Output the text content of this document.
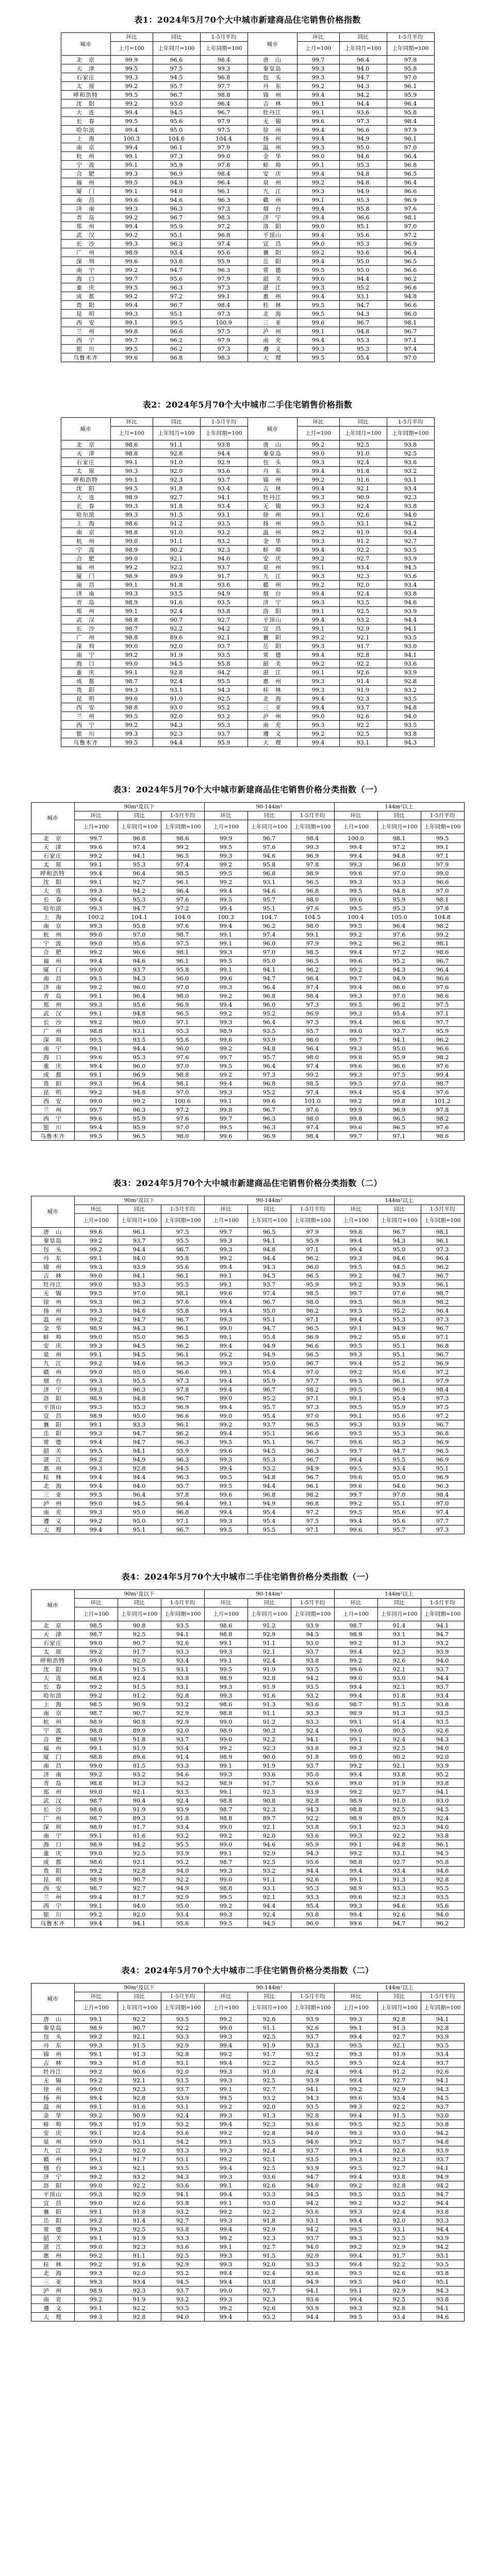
表1：2024年5月70个大中城市新建商品住宅销售价格指数
城市	环比	同比	1-5月平均	城市	环比	同比	1-5月平均
	上月=100	上年同月=100	上年同期=100		上月=100	上年同月=100	上年同期=100
北　京	99.9	96.6	98.4	唐　山	99.7	96.4	97.8
天　津	99.5	97.5	99.3	秦皇岛	99.3	94.0	95.8
石家庄	99.3	94.5	96.8	包　头	99.3	94.7	97.0
太　原	99.2	95.7	97.7	丹　东	99.2	94.3	96.1
呼和浩特	99.5	96.7	98.8	锦　州	99.4	94.2	95.9
沈　阳	99.2	93.0	96.4	吉　林	99.1	94.4	96.4
大　连	99.4	94.5	96.7	牡丹江	99.1	93.6	95.8
长　春	99.5	95.6	97.9	无　锡	99.6	97.3	98.4
哈尔滨	99.4	95.0	97.5	徐　州	99.4	96.6	97.9
上　海	100.3	104.6	104.4	扬　州	99.4	94.9	96.1
南　京	99.4	96.1	97.9	温　州	99.3	95.0	97.0
杭　州	99.1	97.3	99.0	金　华	99.0	94.6	96.4
宁　波	99.1	95.9	97.8	蚌　埠	99.1	95.3	96.8
合　肥	99.3	96.9	98.4	安　庆	99.4	94.8	96.5
福　州	99.5	94.9	96.4	泉　州	99.2	94.8	96.4
厦　门	99.1	94.0	96.1	九　江	99.3	94.9	96.6
南　昌	99.6	94.6	96.3	赣　州	99.1	95.3	96.9
济　南	99.3	96.3	97.3	烟　台	99.4	95.8	97.6
青　岛	99.2	96.7	98.3	济　宁	99.4	96.6	98.1
郑　州	99.4	95.9	97.2	洛　阳	99.0	95.1	97.0
武　汉	99.2	95.1	96.8	平顶山	99.4	95.6	97.2
长　沙	99.3	96.3	97.4	宜　昌	99.0	95.3	96.9
广　州	98.9	93.4	95.6	襄　阳	99.2	93.6	96.4
深　圳	99.6	93.8	95.9	岳　阳	99.4	95.0	96.5
南　宁	99.2	94.7	96.3	常　德	99.5	95.0	96.6
海　口	99.7	95.6	97.9	韶　关	99.6	94.4	96.2
重　庆	99.5	96.3	97.3	湛　江	99.3	95.2	96.6
成　都	99.2	97.2	99.1	惠　州	99.4	93.1	94.8
贵　阳	99.4	96.7	98.4	桂　林	99.5	94.7	96.6
昆　明	99.3	95.1	97.3	北　海	99.5	94.3	96.0
西　安	99.1	99.5	100.9	三　亚	99.6	96.7	98.1
兰　州	99.8	96.6	97.5	泸　州	99.1	94.8	96.7
西　宁	99.7	96.2	97.9	南　充	99.4	95.3	97.1
银　川	99.5	96.2	97.3	遵　义	99.3	95.3	97.4
乌鲁木齐	99.6	96.8	98.3	大　理	99.5	95.4	97.0
表2：2024年5月70个大中城市二手住宅销售价格指数
城市	环比	同比	1-5月平均	城市	环比	同比	1-5月平均
	上月=100	上年同月=100	上年同期=100		上月=100	上年同月=100	上年同期=100
北　京	98.6	91.1	93.8	唐　山	99.2	92.5	93.8
天　津	98.8	92.8	94.4	秦皇岛	99.0	91.0	92.5
石家庄	99.1	91.0	92.9	包　头	99.3	92.4	93.6
太　原	99.3	92.0	93.6	丹　东	99.4	91.8	93.2
呼和浩特	99.1	92.3	93.7	锦　州	99.2	91.6	93.1
沈　阳	99.5	91.8	93.4	吉　林	99.4	92.1	93.4
大　连	98.9	92.7	94.1	牡丹江	99.3	90.9	92.3
长　春	99.3	91.8	93.4	无　锡	99.3	92.4	93.8
哈尔滨	99.3	91.5	93.1	徐　州	99.1	92.6	94.0
上　海	98.6	91.2	93.5	扬　州	99.5	93.1	94.2
南　京	98.8	91.0	93.2	温　州	99.2	91.9	93.4
杭　州	99.0	91.1	93.2	金　华	99.3	91.2	92.7
宁　波	98.9	90.2	92.3	蚌　埠	99.4	92.2	93.5
合　肥	99.0	92.1	94.0	安　庆	99.2	92.7	93.9
福　州	99.2	92.2	93.7	泉　州	99.1	93.4	94.5
厦　门	98.9	89.9	91.7	九　江	99.3	92.3	93.6
南　昌	99.1	91.8	93.6	赣　州	99.2	92.0	93.4
济　南	99.3	93.5	94.9	烟　台	99.4	92.4	93.8
青　岛	98.9	91.6	93.5	济　宁	99.3	93.5	94.6
郑　州	99.1	92.4	93.8	洛　阳	99.1	92.5	93.9
武　汉	98.8	90.7	92.7	平顶山	99.4	93.2	94.4
长　沙	98.7	92.2	94.2	宜　昌	99.1	92.9	94.1
广　州	98.8	89.6	92.1	襄　阳	99.2	92.1	93.5
深　圳	99.0	92.0	93.7	岳　阳	99.3	91.7	93.0
南　宁	99.2	91.9	93.5	常　德	99.4	92.8	94.1
海　口	99.0	94.5	95.8	韶　关	99.2	92.2	93.6
重　庆	99.1	92.8	94.2	湛　江	99.1	92.6	93.9
成　都	98.7	92.4	95.5	惠　州	99.3	91.4	92.8
贵　阳	99.3	93.1	94.3	桂　林	99.3	91.9	93.2
昆　明	99.0	91.0	92.5	北　海	99.4	92.3	93.5
西　安	98.8	93.0	95.2	三　亚	99.4	93.7	94.8
兰　州	99.5	92.0	93.2	泸　州	99.0	92.6	94.0
西　宁	99.2	94.3	95.3	南　充	99.3	92.2	93.5
银　川	99.3	92.3	93.7	遵　义	99.2	92.5	93.8
乌鲁木齐	99.5	94.4	95.9	大　理	99.4	93.1	94.3
表3：2024年5月70个大中城市新建商品住宅销售价格分类指数（一）
城市	90m²及以下			90-144m²			144m²以上		
	环比	同比	1-5月平均	环比	同比	1-5月平均	环比	同比	1-5月平均
	上月=100	上年同月=100	上年同期=100	上月=100	上年同月=100	上年同期=100	上月=100	上年同月=100	上年同期=100
北　京	99.7	96.8	98.6	99.9	96.7	98.4	100.0	98.1	99.5
天　津	99.6	97.4	99.2	99.5	97.6	99.3	99.4	97.2	99.1
石家庄	99.2	94.1	96.5	99.3	94.6	96.9	99.4	94.8	97.1
太　原	99.1	95.3	97.4	99.2	95.8	97.8	99.3	96.0	97.9
呼和浩特	99.4	96.4	98.5	99.5	96.8	98.9	99.6	97.0	99.0
沈　阳	99.1	92.7	96.1	99.2	93.1	96.5	99.3	93.3	96.6
大　连	99.3	94.2	96.4	99.4	94.6	96.8	99.5	94.8	97.0
长　春	99.4	95.3	97.6	99.5	95.7	98.0	99.6	95.9	98.1
哈尔滨	99.3	94.7	97.2	99.4	95.1	97.6	99.5	95.3	97.8
上　海	100.2	104.1	104.0	100.3	104.7	104.5	100.4	105.0	104.8
南　京	99.3	95.8	97.6	99.4	96.2	98.0	99.5	96.4	98.2
杭　州	99.0	97.0	98.7	99.1	97.4	99.1	99.2	97.6	99.2
宁　波	99.0	95.6	97.5	99.1	96.0	97.9	99.2	96.2	98.1
合　肥	99.2	96.6	98.1	99.3	97.0	98.5	99.4	97.2	98.6
福　州	99.4	94.6	96.1	99.5	95.0	96.5	99.6	95.2	96.7
厦　门	99.0	93.7	95.8	99.1	94.1	96.2	99.2	94.3	96.4
南　昌	99.5	94.3	96.0	99.6	94.7	96.4	99.7	94.9	96.6
济　南	99.2	96.0	97.0	99.3	96.4	97.4	99.4	96.6	97.6
青　岛	99.1	96.4	98.0	99.2	96.8	98.4	99.3	97.0	98.6
郑　州	99.3	95.6	96.9	99.4	96.0	97.3	99.5	96.2	97.5
武　汉	99.1	94.8	96.5	99.2	95.2	96.9	99.3	95.4	97.1
长　沙	99.2	96.0	97.1	99.3	96.4	97.5	99.4	96.6	97.7
广　州	98.8	93.1	95.3	98.9	93.5	95.7	99.0	93.7	95.9
深　圳	99.5	93.5	95.6	99.6	93.9	96.0	99.7	94.1	96.2
南　宁	99.1	94.4	96.0	99.2	94.8	96.4	99.3	95.0	96.6
海　口	99.6	95.3	97.6	99.7	95.7	98.0	99.8	95.9	98.2
重　庆	99.4	96.0	97.0	99.5	96.4	97.4	99.6	96.6	97.6
成　都	99.1	96.9	98.8	99.2	97.3	99.2	99.3	97.5	99.4
贵　阳	99.3	96.4	98.1	99.4	96.8	98.5	99.5	97.0	98.7
昆　明	99.2	94.8	97.0	99.3	95.2	97.4	99.4	95.4	97.6
西　安	99.0	99.2	100.6	99.1	99.6	101.0	99.2	99.8	101.2
兰　州	99.7	96.3	97.2	99.8	96.7	97.6	99.9	96.9	97.8
西　宁	99.6	95.9	97.6	99.7	96.3	98.0	99.8	96.5	98.2
银　川	99.4	95.9	97.0	99.5	96.3	97.4	99.6	96.5	97.6
乌鲁木齐	99.5	96.5	98.0	99.6	96.9	98.4	99.7	97.1	98.6
表3：2024年5月70个大中城市新建商品住宅销售价格分类指数（二）
城市	90m²及以下			90-144m²			144m²以上		
	环比	同比	1-5月平均	环比	同比	1-5月平均	环比	同比	1-5月平均
	上月=100	上年同月=100	上年同期=100	上月=100	上年同月=100	上年同期=100	上月=100	上年同月=100	上年同期=100
唐　山	99.6	96.1	97.5	99.7	96.5	97.9	99.8	96.7	98.1
秦皇岛	99.2	93.7	95.5	99.3	94.1	95.9	99.4	94.3	96.1
包　头	99.2	94.4	96.7	99.3	94.8	97.1	99.4	95.0	97.3
丹　东	99.1	94.0	95.8	99.2	94.4	96.2	99.3	94.6	96.4
锦　州	99.3	93.9	95.6	99.4	94.3	96.0	99.5	94.5	96.2
吉　林	99.0	94.1	96.1	99.1	94.5	96.5	99.2	94.7	96.7
牡丹江	99.0	93.3	95.5	99.1	93.7	95.9	99.2	93.9	96.1
无　锡	99.5	97.0	98.1	99.6	97.4	98.5	99.7	97.6	98.7
徐　州	99.3	96.3	97.6	99.4	96.7	98.0	99.5	96.9	98.2
扬　州	99.3	94.6	95.8	99.4	95.0	96.2	99.5	95.2	96.4
温　州	99.2	94.7	96.7	99.3	95.1	97.1	99.4	95.3	97.3
金　华	98.9	94.3	96.1	99.0	94.7	96.5	99.1	94.9	96.7
蚌　埠	99.0	95.0	96.5	99.1	95.4	96.9	99.2	95.6	97.1
安　庆	99.3	94.5	96.2	99.4	94.9	96.6	99.5	95.1	96.8
泉　州	99.1	94.5	96.1	99.2	94.9	96.5	99.3	95.1	96.7
九　江	99.2	94.6	96.3	99.3	95.0	96.7	99.4	95.2	96.9
赣　州	99.0	95.0	96.6	99.1	95.4	97.0	99.2	95.6	97.2
烟　台	99.3	95.5	97.3	99.4	95.9	97.7	99.5	96.1	97.9
济　宁	99.3	96.3	97.8	99.4	96.7	98.2	99.5	96.9	98.4
洛　阳	98.9	94.8	96.7	99.0	95.2	97.1	99.1	95.4	97.3
平顶山	99.3	95.3	96.9	99.4	95.7	97.3	99.5	95.9	97.5
宜　昌	98.9	95.0	96.6	99.0	95.4	97.0	99.1	95.6	97.2
襄　阳	99.1	93.3	96.1	99.2	93.7	96.5	99.3	93.9	96.7
岳　阳	99.3	94.7	96.2	99.4	95.1	96.6	99.5	95.3	96.8
常　德	99.4	94.7	96.3	99.5	95.1	96.7	99.6	95.3	96.9
韶　关	99.5	94.1	95.9	99.6	94.5	96.3	99.7	94.7	96.5
湛　江	99.2	94.9	96.3	99.3	95.3	96.7	99.4	95.5	96.9
惠　州	99.3	92.8	94.5	99.4	93.2	94.9	99.5	93.4	95.1
桂　林	99.4	94.4	96.3	99.5	94.8	96.7	99.6	95.0	96.9
北　海	99.4	94.0	95.7	99.5	94.4	96.1	99.6	94.6	96.3
三　亚	99.5	96.4	97.8	99.6	96.8	98.2	99.7	97.0	98.4
泸　州	99.0	94.5	96.4	99.1	94.9	96.8	99.2	95.1	97.0
南　充	99.3	95.0	96.8	99.4	95.4	97.2	99.5	95.6	97.4
遵　义	99.2	95.0	97.1	99.3	95.4	97.5	99.4	95.6	97.7
大　理	99.4	95.1	96.7	99.5	95.5	97.1	99.6	95.7	97.3
表4：2024年5月70个大中城市二手住宅销售价格分类指数（一）
城市	90m²及以下			90-144m²			144m²以上		
	环比	同比	1-5月平均	环比	同比	1-5月平均	环比	同比	1-5月平均
	上月=100	上年同月=100	上年同期=100	上月=100	上年同月=100	上年同期=100	上月=100	上年同月=100	上年同期=100
北　京	98.5	90.8	93.5	98.6	91.2	93.9	98.7	91.4	94.1
天　津	98.7	92.5	94.1	98.8	92.9	94.5	98.9	93.1	94.7
石家庄	99.0	90.7	92.6	99.1	91.1	93.0	99.2	91.3	93.2
太　原	99.2	91.7	93.3	99.3	92.1	93.7	99.4	92.3	93.9
呼和浩特	99.0	92.0	93.4	99.1	92.4	93.8	99.2	92.6	94.0
沈　阳	99.4	91.5	93.1	99.5	91.9	93.5	99.6	92.1	93.7
大　连	98.8	92.4	93.8	98.9	92.8	94.2	99.0	93.0	94.4
长　春	99.2	91.5	93.1	99.3	91.9	93.5	99.4	92.1	93.7
哈尔滨	99.2	91.2	92.8	99.3	91.6	93.2	99.4	91.8	93.4
上　海	98.5	90.9	93.2	98.6	91.3	93.6	98.7	91.5	93.8
南　京	98.7	90.7	92.9	98.8	91.1	93.3	98.9	91.3	93.5
杭　州	98.9	90.8	92.9	99.0	91.2	93.3	99.1	91.4	93.5
宁　波	98.8	89.9	92.0	98.9	90.3	92.4	99.0	90.5	92.6
合　肥	98.9	91.8	93.7	99.0	92.2	94.1	99.1	92.4	94.3
福　州	99.1	91.9	93.4	99.2	92.3	93.8	99.3	92.5	94.0
厦　门	98.8	89.6	91.4	98.9	90.0	91.8	99.0	90.2	92.0
南　昌	99.0	91.5	93.3	99.1	91.9	93.7	99.2	92.1	93.9
济　南	99.2	93.2	94.6	99.3	93.6	95.0	99.4	93.8	95.2
青　岛	98.8	91.3	93.2	98.9	91.7	93.6	99.0	91.9	93.8
郑　州	99.0	92.1	93.5	99.1	92.5	93.9	99.2	92.7	94.1
武　汉	98.7	90.4	92.4	98.8	90.8	92.8	98.9	91.0	93.0
长　沙	98.6	91.9	93.9	98.7	92.3	94.3	98.8	92.5	94.5
广　州	98.7	89.3	91.8	98.8	89.7	92.2	98.9	89.9	92.4
深　圳	98.9	91.7	93.4	99.0	92.1	93.8	99.1	92.3	94.0
南　宁	99.1	91.6	93.2	99.2	92.0	93.6	99.3	92.2	93.8
海　口	98.9	94.2	95.5	99.0	94.6	95.9	99.1	94.8	96.1
重　庆	99.0	92.5	93.9	99.1	92.9	94.3	99.2	93.1	94.5
成　都	98.6	92.1	95.2	98.7	92.5	95.6	98.8	92.7	95.8
贵　阳	99.2	92.8	94.0	99.3	93.2	94.4	99.4	93.4	94.6
昆　明	98.9	90.7	92.2	99.0	91.1	92.6	99.1	91.3	92.8
西　安	98.7	92.7	94.9	98.8	93.1	95.3	98.9	93.3	95.5
兰　州	99.4	91.7	92.9	99.5	92.1	93.3	99.6	92.3	93.5
西　宁	99.1	94.0	95.0	99.2	94.4	95.4	99.3	94.6	95.6
银　川	99.2	92.0	93.4	99.3	92.4	93.8	99.4	92.6	94.0
乌鲁木齐	99.4	94.1	95.6	99.5	94.5	96.0	99.6	94.7	96.2
表4：2024年5月70个大中城市二手住宅销售价格分类指数（二）
城市	90m²及以下			90-144m²			144m²以上		
	环比	同比	1-5月平均	环比	同比	1-5月平均	环比	同比	1-5月平均
	上月=100	上年同月=100	上年同期=100	上月=100	上年同月=100	上年同期=100	上月=100	上年同月=100	上年同期=100
唐　山	99.1	92.2	93.5	99.2	92.6	93.9	99.3	92.8	94.1
秦皇岛	98.9	90.7	92.2	99.0	91.1	92.6	99.1	91.3	92.8
包　头	99.2	92.1	93.3	99.3	92.5	93.7	99.4	92.7	93.9
丹　东	99.3	91.5	92.9	99.4	91.9	93.3	99.5	92.1	93.5
锦　州	99.1	91.3	92.8	99.2	91.7	93.2	99.3	91.9	93.4
吉　林	99.3	91.8	93.1	99.4	92.2	93.5	99.5	92.4	93.7
牡丹江	99.2	90.6	92.0	99.3	91.0	92.4	99.4	91.2	92.6
无　锡	99.2	92.1	93.5	99.3	92.5	93.9	99.4	92.7	94.1
徐　州	99.0	92.3	93.7	99.1	92.7	94.1	99.2	92.9	94.3
扬　州	99.4	92.8	93.9	99.5	93.2	94.3	99.6	93.4	94.5
温　州	99.1	91.6	93.1	99.2	92.0	93.5	99.3	92.2	93.7
金　华	99.2	90.9	92.4	99.3	91.3	92.8	99.4	91.5	93.0
蚌　埠	99.3	91.9	93.2	99.4	92.3	93.6	99.5	92.5	93.8
安　庆	99.1	92.4	93.6	99.2	92.8	94.0	99.3	93.0	94.2
泉　州	99.0	93.1	94.2	99.1	93.5	94.6	99.2	93.7	94.8
九　江	99.2	92.0	93.3	99.3	92.4	93.7	99.4	92.6	93.9
赣　州	99.1	91.7	93.1	99.2	92.1	93.5	99.3	92.3	93.7
烟　台	99.3	92.1	93.5	99.4	92.5	93.9	99.5	92.7	94.1
济　宁	99.2	93.2	94.3	99.3	93.6	94.7	99.4	93.8	94.9
洛　阳	99.0	92.2	93.6	99.1	92.6	94.0	99.2	92.8	94.2
平顶山	99.3	92.9	94.1	99.4	93.3	94.5	99.5	93.5	94.7
宜　昌	99.0	92.6	93.8	99.1	93.0	94.2	99.2	93.2	94.4
襄　阳	99.1	91.8	93.2	99.2	92.2	93.6	99.3	92.4	93.8
岳　阳	99.2	91.4	92.7	99.3	91.8	93.1	99.4	92.0	93.3
常　德	99.3	92.5	93.8	99.4	92.9	94.2	99.5	93.1	94.4
韶　关	99.1	91.9	93.3	99.2	92.3	93.7	99.3	92.5	93.9
湛　江	99.0	92.3	93.6	99.1	92.7	94.0	99.2	92.9	94.2
惠　州	99.2	91.1	92.5	99.3	91.5	92.9	99.4	91.7	93.1
桂　林	99.2	91.6	92.9	99.3	92.0	93.3	99.4	92.2	93.5
北　海	99.3	92.0	93.2	99.4	92.4	93.6	99.5	92.6	93.8
三　亚	99.3	93.4	94.5	99.4	93.8	94.9	99.5	94.0	95.1
泸　州	98.9	92.3	93.7	99.0	92.7	94.1	99.1	92.9	94.3
南　充	99.2	91.9	93.2	99.3	92.3	93.6	99.4	92.5	93.8
遵　义	99.1	92.2	93.5	99.2	92.6	93.9	99.3	92.8	94.1
大　理	99.3	92.8	94.0	99.4	93.2	94.4	99.5	93.4	94.6
